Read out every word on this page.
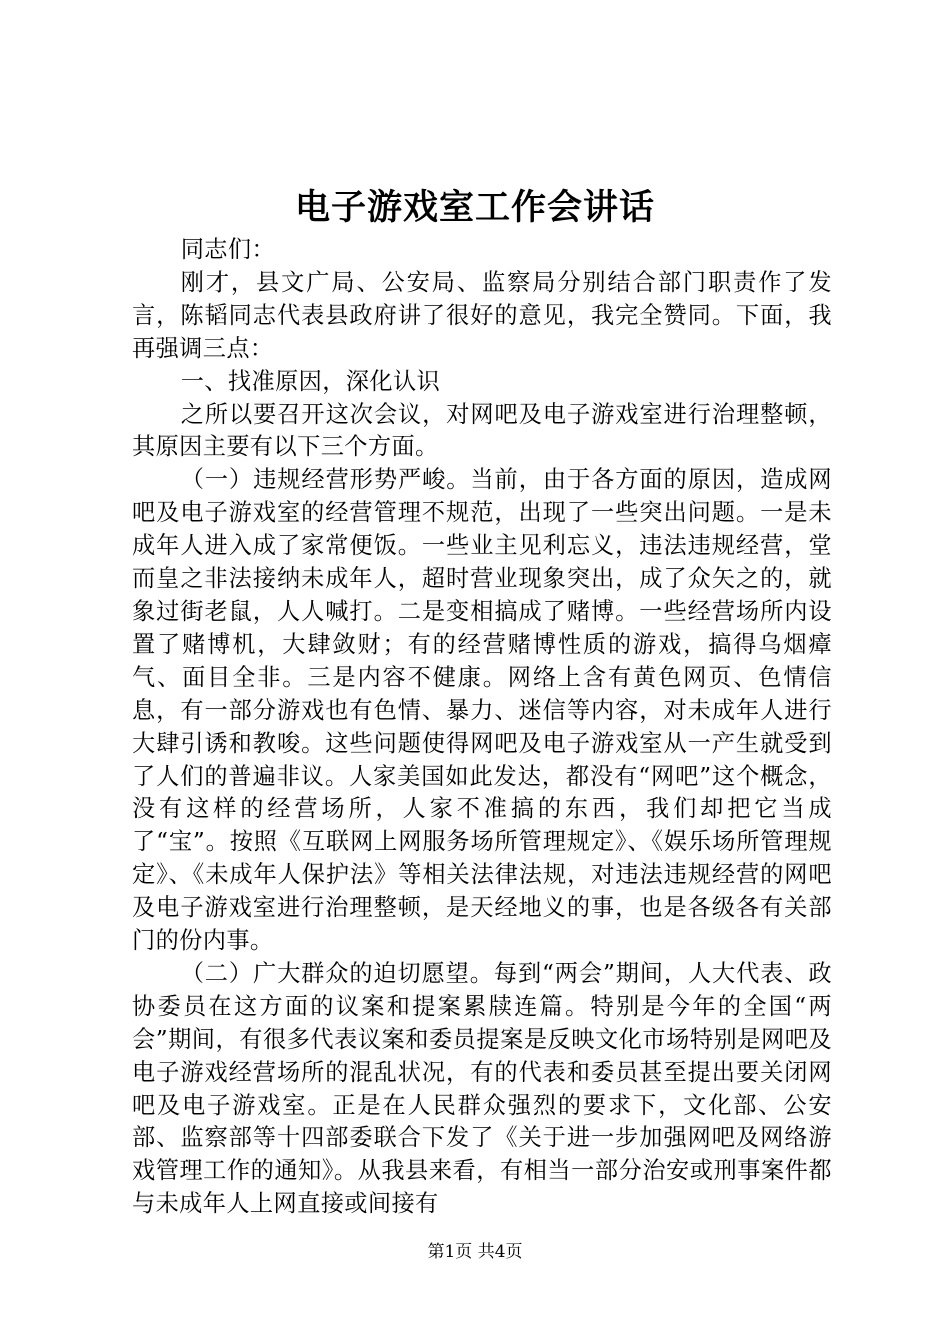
电子游戏室工作会讲话

同志们：

刚才，县文广局、公安局、监察局分别结合部门职责作了发言，陈韬同志代表县政府讲了很好的意见，我完全赞同。下面，我再强调三点：

一、找准原因，深化认识

之所以要召开这次会议，对网吧及电子游戏室进行治理整顿，其原因主要有以下三个方面。

（一）违规经营形势严峻。当前，由于各方面的原因，造成网吧及电子游戏室的经营管理不规范，出现了一些突出问题。一是未成年人进入成了家常便饭。一些业主见利忘义，违法违规经营，堂而皇之非法接纳未成年人，超时营业现象突出，成了众矢之的，就象过街老鼠，人人喊打。二是变相搞成了赌博。一些经营场所内设置了赌博机，大肆敛财；有的经营赌博性质的游戏，搞得乌烟瘴气、面目全非。三是内容不健康。网络上含有黄色网页、色情信息，有一部分游戏也有色情、暴力、迷信等内容，对未成年人进行大肆引诱和教唆。这些问题使得网吧及电子游戏室从一产生就受到了人们的普遍非议。人家美国如此发达，都没有“网吧”这个概念，没有这样的经营场所，人家不准搞的东西，我们却把它当成了“宝”。按照《互联网上网服务场所管理规定》、《娱乐场所管理规定》、《未成年人保护法》等相关法律法规，对违法违规经营的网吧及电子游戏室进行治理整顿，是天经地义的事，也是各级各有关部门的份内事。

（二）广大群众的迫切愿望。每到“两会”期间，人大代表、政协委员在这方面的议案和提案累牍连篇。特别是今年的全国“两会”期间，有很多代表议案和委员提案是反映文化市场特别是网吧及电子游戏经营场所的混乱状况，有的代表和委员甚至提出要关闭网吧及电子游戏室。正是在人民群众强烈的要求下，文化部、公安部、监察部等十四部委联合下发了《关于进一步加强网吧及网络游戏管理工作的通知》。从我县来看，有相当一部分治安或刑事案件都与未成年人上网直接或间接有

第1页 共4页
